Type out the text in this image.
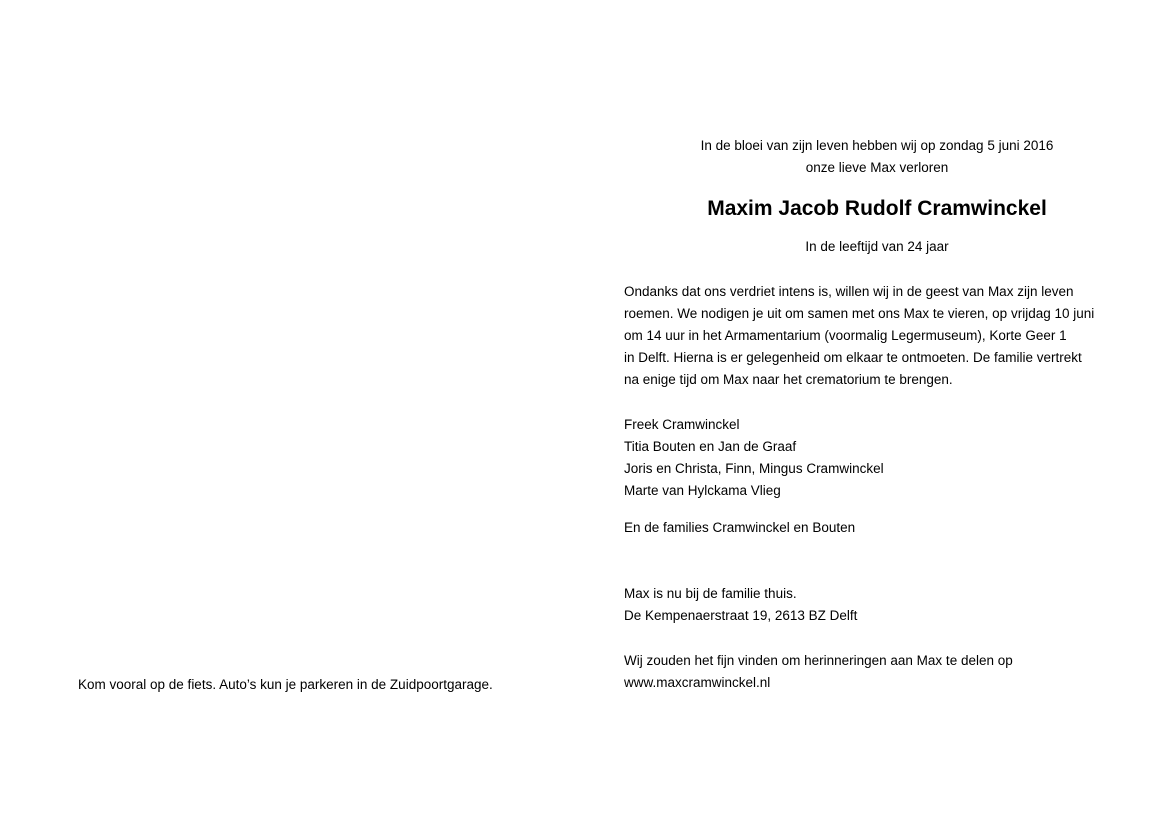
Kom vooral op de fiets. Auto’s kun je parkeren in de Zuidpoortgarage.
In de bloei van zijn leven hebben wij op zondag 5 juni 2016
onze lieve Max verloren
Maxim Jacob Rudolf Cramwinckel
In de leeftijd van 24 jaar
Ondanks dat ons verdriet intens is, willen wij in de geest van Max zijn leven
roemen. We nodigen je uit om samen met ons Max te vieren, op vrijdag 10 juni
om 14 uur in het Armamentarium (voormalig Legermuseum), Korte Geer 1
in Delft. Hierna is er gelegenheid om elkaar te ontmoeten. De familie vertrekt
na enige tijd om Max naar het crematorium te brengen.
Freek Cramwinckel
Titia Bouten en Jan de Graaf
Joris en Christa, Finn, Mingus Cramwinckel
Marte van Hylckama Vlieg
En de families Cramwinckel en Bouten
Max is nu bij de familie thuis.
De Kempenaerstraat 19, 2613 BZ Delft
Wij zouden het fijn vinden om herinneringen aan Max te delen op
www.maxcramwinckel.nl
